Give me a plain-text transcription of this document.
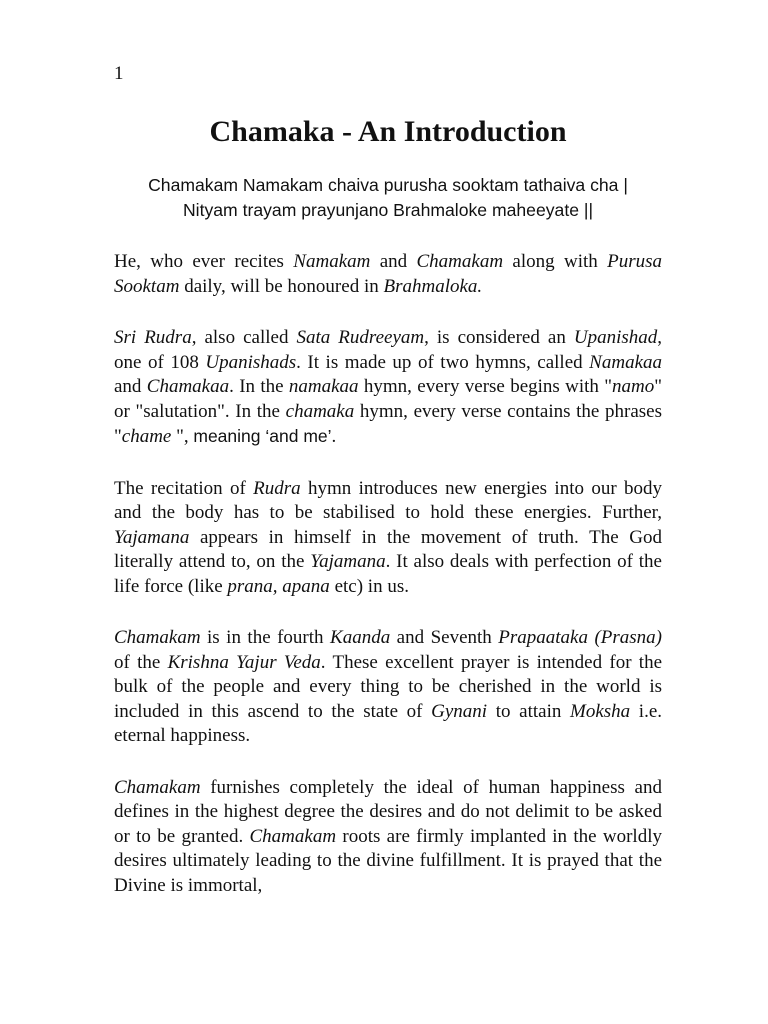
1

Chamaka - An Introduction

Chamakam Namakam chaiva purusha sooktam tathaiva cha |
Nityam trayam prayunjano Brahmaloke maheeyate ||

He, who ever recites Namakam and Chamakam along with Purusa Sooktam daily, will be honoured in Brahmaloka.

Sri Rudra, also called Sata Rudreeyam, is considered an Upanishad, one of 108 Upanishads. It is made up of two hymns, called Namakaa and Chamakaa. In the namakaa hymn, every verse begins with "namo" or "salutation". In the chamaka hymn, every verse contains the phrases "chame ", meaning ‘and me’.

The recitation of Rudra hymn introduces new energies into our body and the body has to be stabilised to hold these energies. Further, Yajamana appears in himself in the movement of truth. The God literally attend to, on the Yajamana. It also deals with perfection of the life force (like prana, apana etc) in us.

Chamakam is in the fourth Kaanda and Seventh Prapaataka (Prasna) of the Krishna Yajur Veda. These excellent prayer is intended for the bulk of the people and every thing to be cherished in the world is included in this ascend to the state of Gynani to attain Moksha i.e. eternal happiness.

Chamakam furnishes completely the ideal of human happiness and defines in the highest degree the desires and do not delimit to be asked or to be granted. Chamakam roots are firmly implanted in the worldly desires ultimately leading to the divine fulfillment. It is prayed that the Divine is immortal,
